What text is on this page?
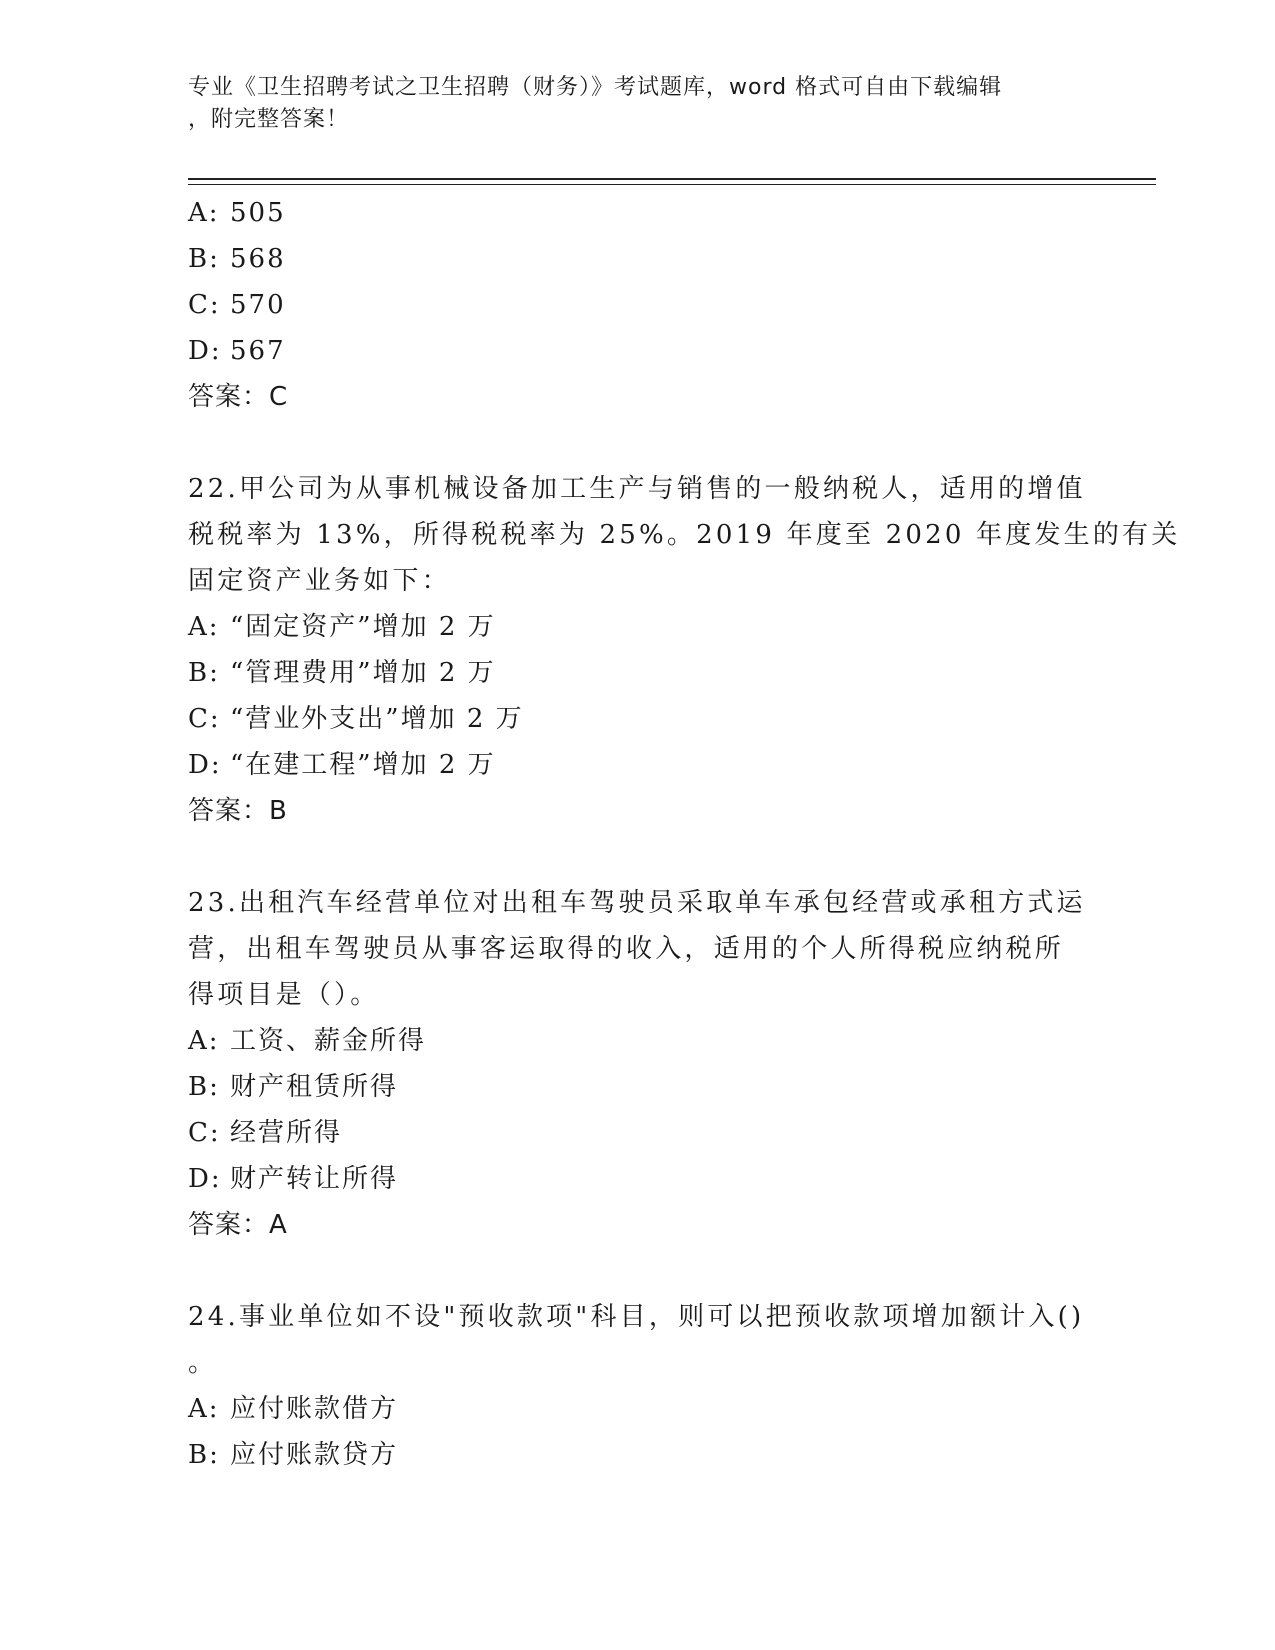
专业《卫生招聘考试之卫生招聘（财务）》考试题库，word 格式可自由下载编辑
，附完整答案！
A: 505
B: 568
C: 570
D: 567
答案：C
22.甲公司为从事机械设备加工生产与销售的一般纳税人，适用的增值
税税率为 13%，所得税税率为 25%。2019 年度至 2020 年度发生的有关
固定资产业务如下：
A: “固定资产”增加 2 万
B: “管理费用”增加 2 万
C: “营业外支出”增加 2 万
D: “在建工程”增加 2 万
答案：B
23.出租汽车经营单位对出租车驾驶员采取单车承包经营或承租方式运
营，出租车驾驶员从事客运取得的收入，适用的个人所得税应纳税所
得项目是（）。
A: 工资、薪金所得
B: 财产租赁所得
C: 经营所得
D: 财产转让所得
答案：A
24.事业单位如不设"预收款项"科目，则可以把预收款项增加额计入()
。
A: 应付账款借方
B: 应付账款贷方
